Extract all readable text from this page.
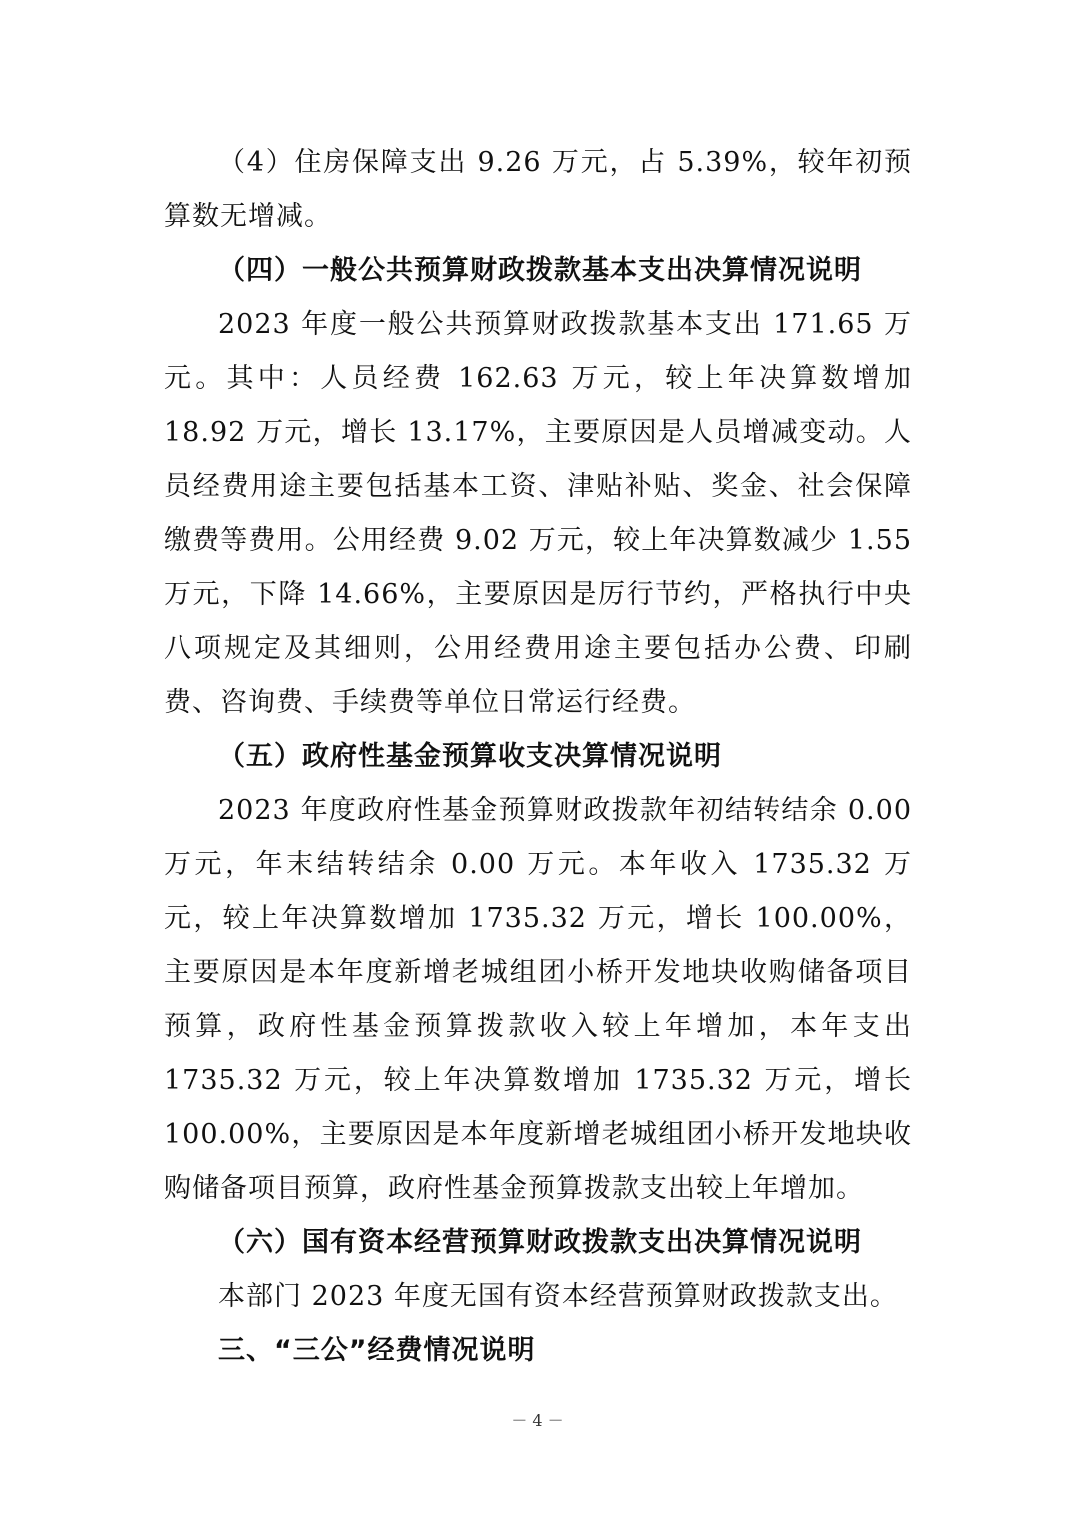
（4）住房保障支出 9.26 万元，占 5.39%，较年初预算数无增减。

（四）一般公共预算财政拨款基本支出决算情况说明

2023 年度一般公共预算财政拨款基本支出 171.65 万元。其中：人员经费 162.63 万元，较上年决算数增加 18.92 万元，增长 13.17%，主要原因是人员增减变动。人员经费用途主要包括基本工资、津贴补贴、奖金、社会保障缴费等费用。公用经费 9.02 万元，较上年决算数减少 1.55 万元，下降 14.66%，主要原因是厉行节约，严格执行中央八项规定及其细则，公用经费用途主要包括办公费、印刷费、咨询费、手续费等单位日常运行经费。

（五）政府性基金预算收支决算情况说明

2023 年度政府性基金预算财政拨款年初结转结余 0.00 万元，年末结转结余 0.00 万元。本年收入 1735.32 万元，较上年决算数增加 1735.32 万元，增长 100.00%，主要原因是本年度新增老城组团小桥开发地块收购储备项目预算，政府性基金预算拨款收入较上年增加，本年支出 1735.32 万元，较上年决算数增加 1735.32 万元，增长 100.00%，主要原因是本年度新增老城组团小桥开发地块收购储备项目预算，政府性基金预算拨款支出较上年增加。

（六）国有资本经营预算财政拨款支出决算情况说明

本部门 2023 年度无国有资本经营预算财政拨款支出。

三、“三公”经费情况说明

－ 4 －
